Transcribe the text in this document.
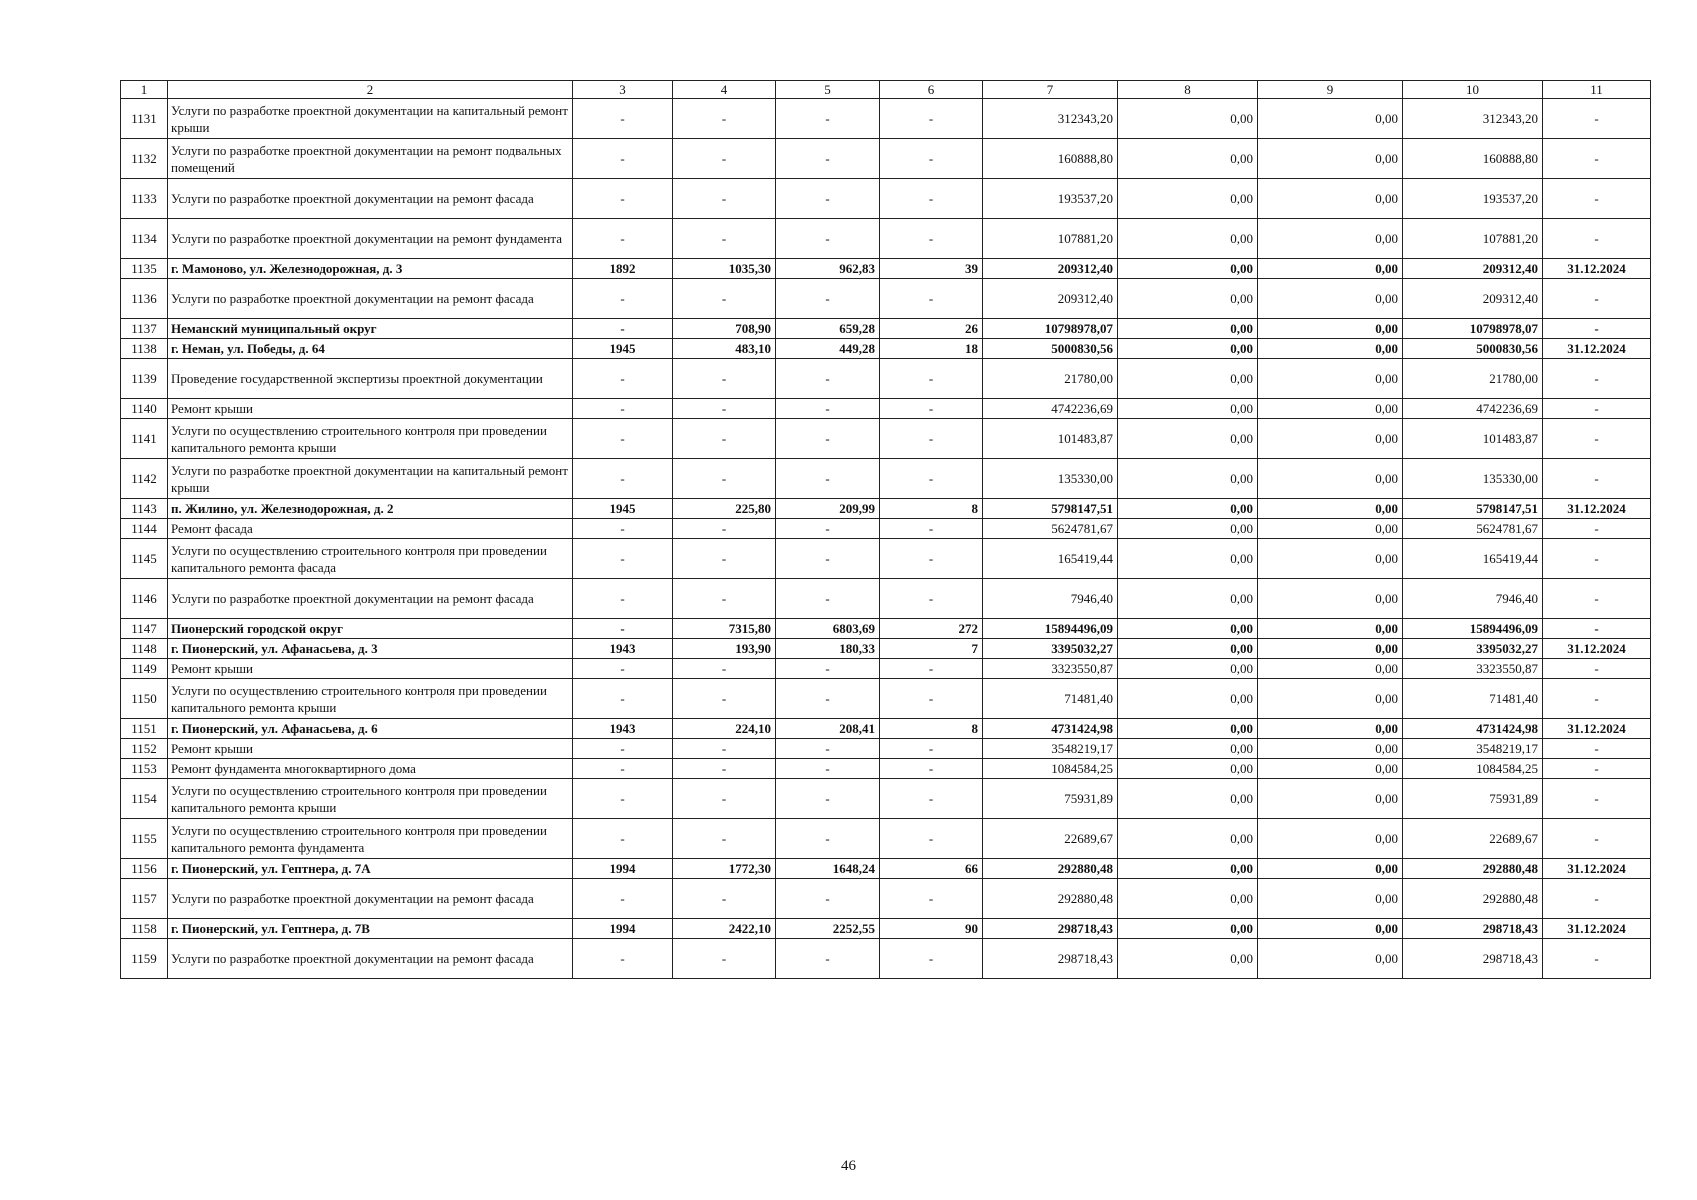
1	2	3	4	5	6	7	8	9	10	11
1131	Услуги по разработке проектной документации на капитальный ремонт крыши	-	-	-	-	312343,20	0,00	0,00	312343,20	-
1132	Услуги по разработке проектной документации на ремонт подвальных помещений	-	-	-	-	160888,80	0,00	0,00	160888,80	-
1133	Услуги по разработке проектной документации на ремонт фасада	-	-	-	-	193537,20	0,00	0,00	193537,20	-
1134	Услуги по разработке проектной документации на ремонт фундамента	-	-	-	-	107881,20	0,00	0,00	107881,20	-
1135	г. Мамоново, ул. Железнодорожная, д. 3	1892	1035,30	962,83	39	209312,40	0,00	0,00	209312,40	31.12.2024
1136	Услуги по разработке проектной документации на ремонт фасада	-	-	-	-	209312,40	0,00	0,00	209312,40	-
1137	Неманский муниципальный округ	-	708,90	659,28	26	10798978,07	0,00	0,00	10798978,07	-
1138	г. Неман, ул. Победы, д. 64	1945	483,10	449,28	18	5000830,56	0,00	0,00	5000830,56	31.12.2024
1139	Проведение государственной экспертизы проектной документации	-	-	-	-	21780,00	0,00	0,00	21780,00	-
1140	Ремонт крыши	-	-	-	-	4742236,69	0,00	0,00	4742236,69	-
1141	Услуги по осуществлению строительного контроля при проведении капитального ремонта крыши	-	-	-	-	101483,87	0,00	0,00	101483,87	-
1142	Услуги по разработке проектной документации на капитальный ремонт крыши	-	-	-	-	135330,00	0,00	0,00	135330,00	-
1143	п. Жилино, ул. Железнодорожная, д. 2	1945	225,80	209,99	8	5798147,51	0,00	0,00	5798147,51	31.12.2024
1144	Ремонт фасада	-	-	-	-	5624781,67	0,00	0,00	5624781,67	-
1145	Услуги по осуществлению строительного контроля при проведении капитального ремонта фасада	-	-	-	-	165419,44	0,00	0,00	165419,44	-
1146	Услуги по разработке проектной документации на ремонт фасада	-	-	-	-	7946,40	0,00	0,00	7946,40	-
1147	Пионерский городской округ	-	7315,80	6803,69	272	15894496,09	0,00	0,00	15894496,09	-
1148	г. Пионерский, ул. Афанасьева, д. 3	1943	193,90	180,33	7	3395032,27	0,00	0,00	3395032,27	31.12.2024
1149	Ремонт крыши	-	-	-	-	3323550,87	0,00	0,00	3323550,87	-
1150	Услуги по осуществлению строительного контроля при проведении капитального ремонта крыши	-	-	-	-	71481,40	0,00	0,00	71481,40	-
1151	г. Пионерский, ул. Афанасьева, д. 6	1943	224,10	208,41	8	4731424,98	0,00	0,00	4731424,98	31.12.2024
1152	Ремонт крыши	-	-	-	-	3548219,17	0,00	0,00	3548219,17	-
1153	Ремонт фундамента многоквартирного дома	-	-	-	-	1084584,25	0,00	0,00	1084584,25	-
1154	Услуги по осуществлению строительного контроля при проведении капитального ремонта крыши	-	-	-	-	75931,89	0,00	0,00	75931,89	-
1155	Услуги по осуществлению строительного контроля при проведении капитального ремонта фундамента	-	-	-	-	22689,67	0,00	0,00	22689,67	-
1156	г. Пионерский, ул. Гептнера, д. 7А	1994	1772,30	1648,24	66	292880,48	0,00	0,00	292880,48	31.12.2024
1157	Услуги по разработке проектной документации на ремонт фасада	-	-	-	-	292880,48	0,00	0,00	292880,48	-
1158	г. Пионерский, ул. Гептнера, д. 7В	1994	2422,10	2252,55	90	298718,43	0,00	0,00	298718,43	31.12.2024
1159	Услуги по разработке проектной документации на ремонт фасада	-	-	-	-	298718,43	0,00	0,00	298718,43	-
46
